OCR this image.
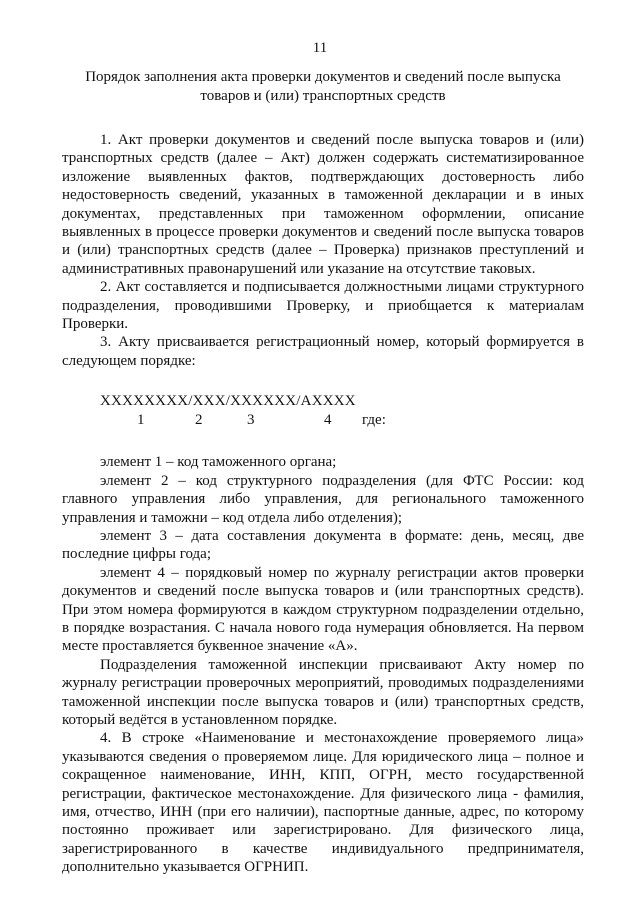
11
Порядок заполнения акта проверки документов и сведений после выпуска товаров и (или) транспортных средств

1. Акт проверки документов и сведений после выпуска товаров и (или) транспортных средств (далее – Акт) должен содержать систематизированное изложение выявленных фактов, подтверждающих достоверность либо недостоверность сведений, указанных в таможенной декларации и в иных документах, представленных при таможенном оформлении, описание выявленных в процессе проверки документов и сведений после выпуска товаров и (или) транспортных средств (далее – Проверка) признаков преступлений и административных правонарушений или указание на отсутствие таковых.

2. Акт составляется и подписывается должностными лицами структурного подразделения, проводившими Проверку, и приобщается к материалам Проверки.

3. Акту присваивается регистрационный номер, который формируется в следующем порядке:

XXXXXXXX/XXX/XXXXXX/AXXXX
1	2	3	4 где:

элемент 1 – код таможенного органа;

элемент 2 – код структурного подразделения (для ФТС России: код главного управления либо управления, для регионального таможенного управления и таможни – код отдела либо отделения);

элемент 3 – дата составления документа в формате: день, месяц, две последние цифры года;

элемент 4 – порядковый номер по журналу регистрации актов проверки документов и сведений после выпуска товаров и (или транспортных средств). При этом номера формируются в каждом структурном подразделении отдельно, в порядке возрастания. С начала нового года нумерация обновляется. На первом месте проставляется буквенное значение «А».

Подразделения таможенной инспекции присваивают Акту номер по журналу регистрации проверочных мероприятий, проводимых подразделениями таможенной инспекции после выпуска товаров и (или) транспортных средств, который ведётся в установленном порядке.

4. В строке «Наименование и местонахождение проверяемого лица» указываются сведения о проверяемом лице. Для юридического лица – полное и сокращенное наименование, ИНН, КПП, ОГРН, место государственной регистрации, фактическое местонахождение. Для физического лица - фамилия, имя, отчество, ИНН (при его наличии), паспортные данные, адрес, по которому постоянно проживает или зарегистрировано. Для физического лица, зарегистрированного в качестве индивидуального предпринимателя, дополнительно указывается ОГРНИП.
